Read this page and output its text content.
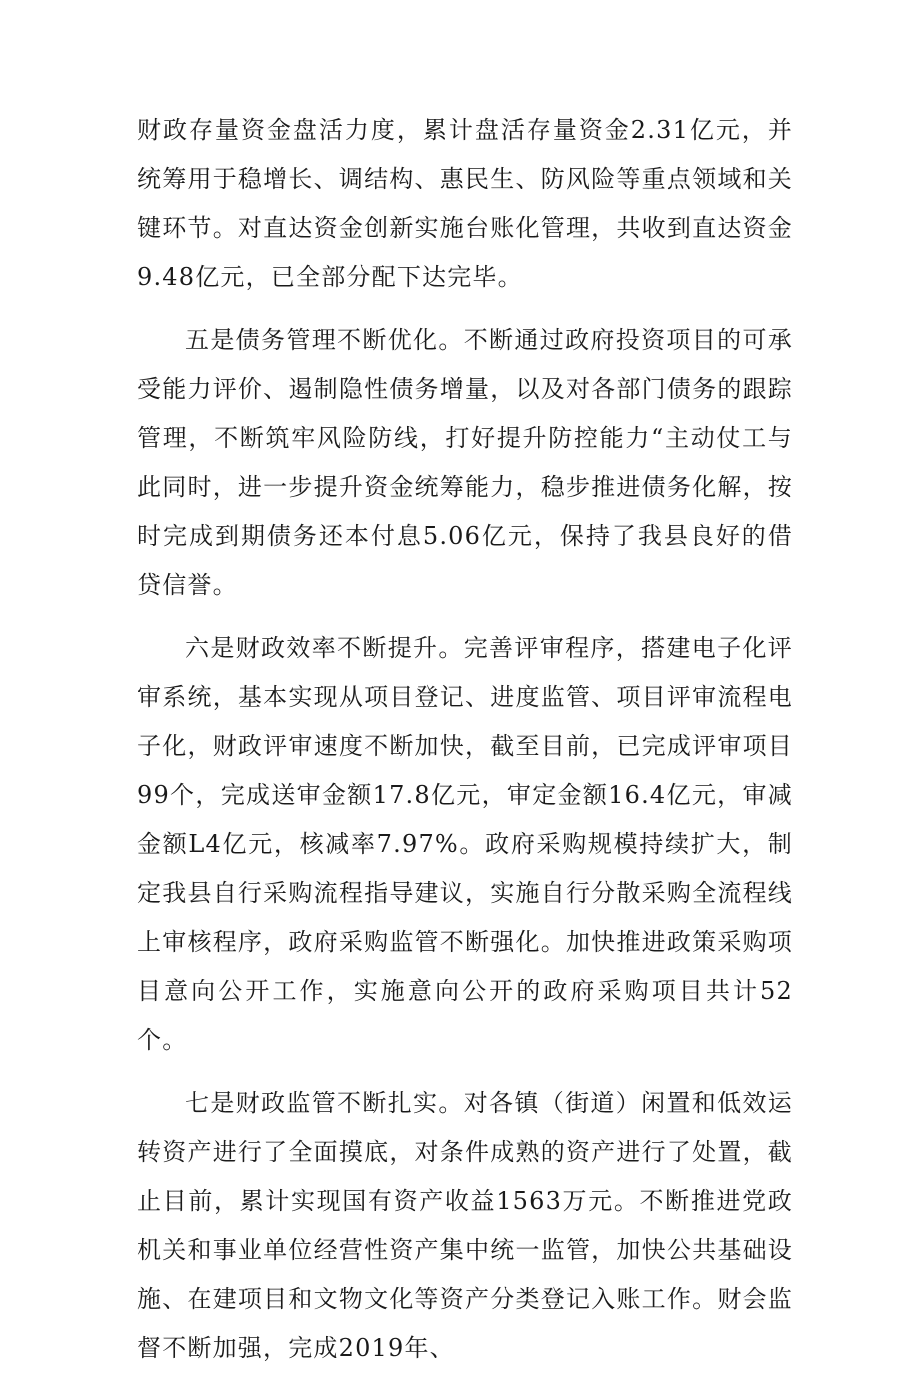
财政存量资金盘活力度，累计盘活存量资金2.31亿元，并统筹用于稳增长、调结构、惠民生、防风险等重点领域和关键环节。对直达资金创新实施台账化管理，共收到直达资金9.48亿元，已全部分配下达完毕。

五是债务管理不断优化。不断通过政府投资项目的可承受能力评价、遏制隐性债务增量，以及对各部门债务的跟踪管理，不断筑牢风险防线，打好提升防控能力“主动仗工与此同时，进一步提升资金统筹能力，稳步推进债务化解，按时完成到期债务还本付息5.06亿元，保持了我县良好的借贷信誉。

六是财政效率不断提升。完善评审程序，搭建电子化评审系统，基本实现从项目登记、进度监管、项目评审流程电子化，财政评审速度不断加快，截至目前，已完成评审项目99个，完成送审金额17.8亿元，审定金额16.4亿元，审减金额L4亿元，核减率7.97%。政府采购规模持续扩大，制定我县自行采购流程指导建议，实施自行分散采购全流程线上审核程序，政府采购监管不断强化。加快推进政策采购项目意向公开工作，实施意向公开的政府采购项目共计52个。

七是财政监管不断扎实。对各镇（街道）闲置和低效运转资产进行了全面摸底，对条件成熟的资产进行了处置，截止目前，累计实现国有资产收益1563万元。不断推进党政机关和事业单位经营性资产集中统一监管，加快公共基础设施、在建项目和文物文化等资产分类登记入账工作。财会监督不断加强，完成2019年、
